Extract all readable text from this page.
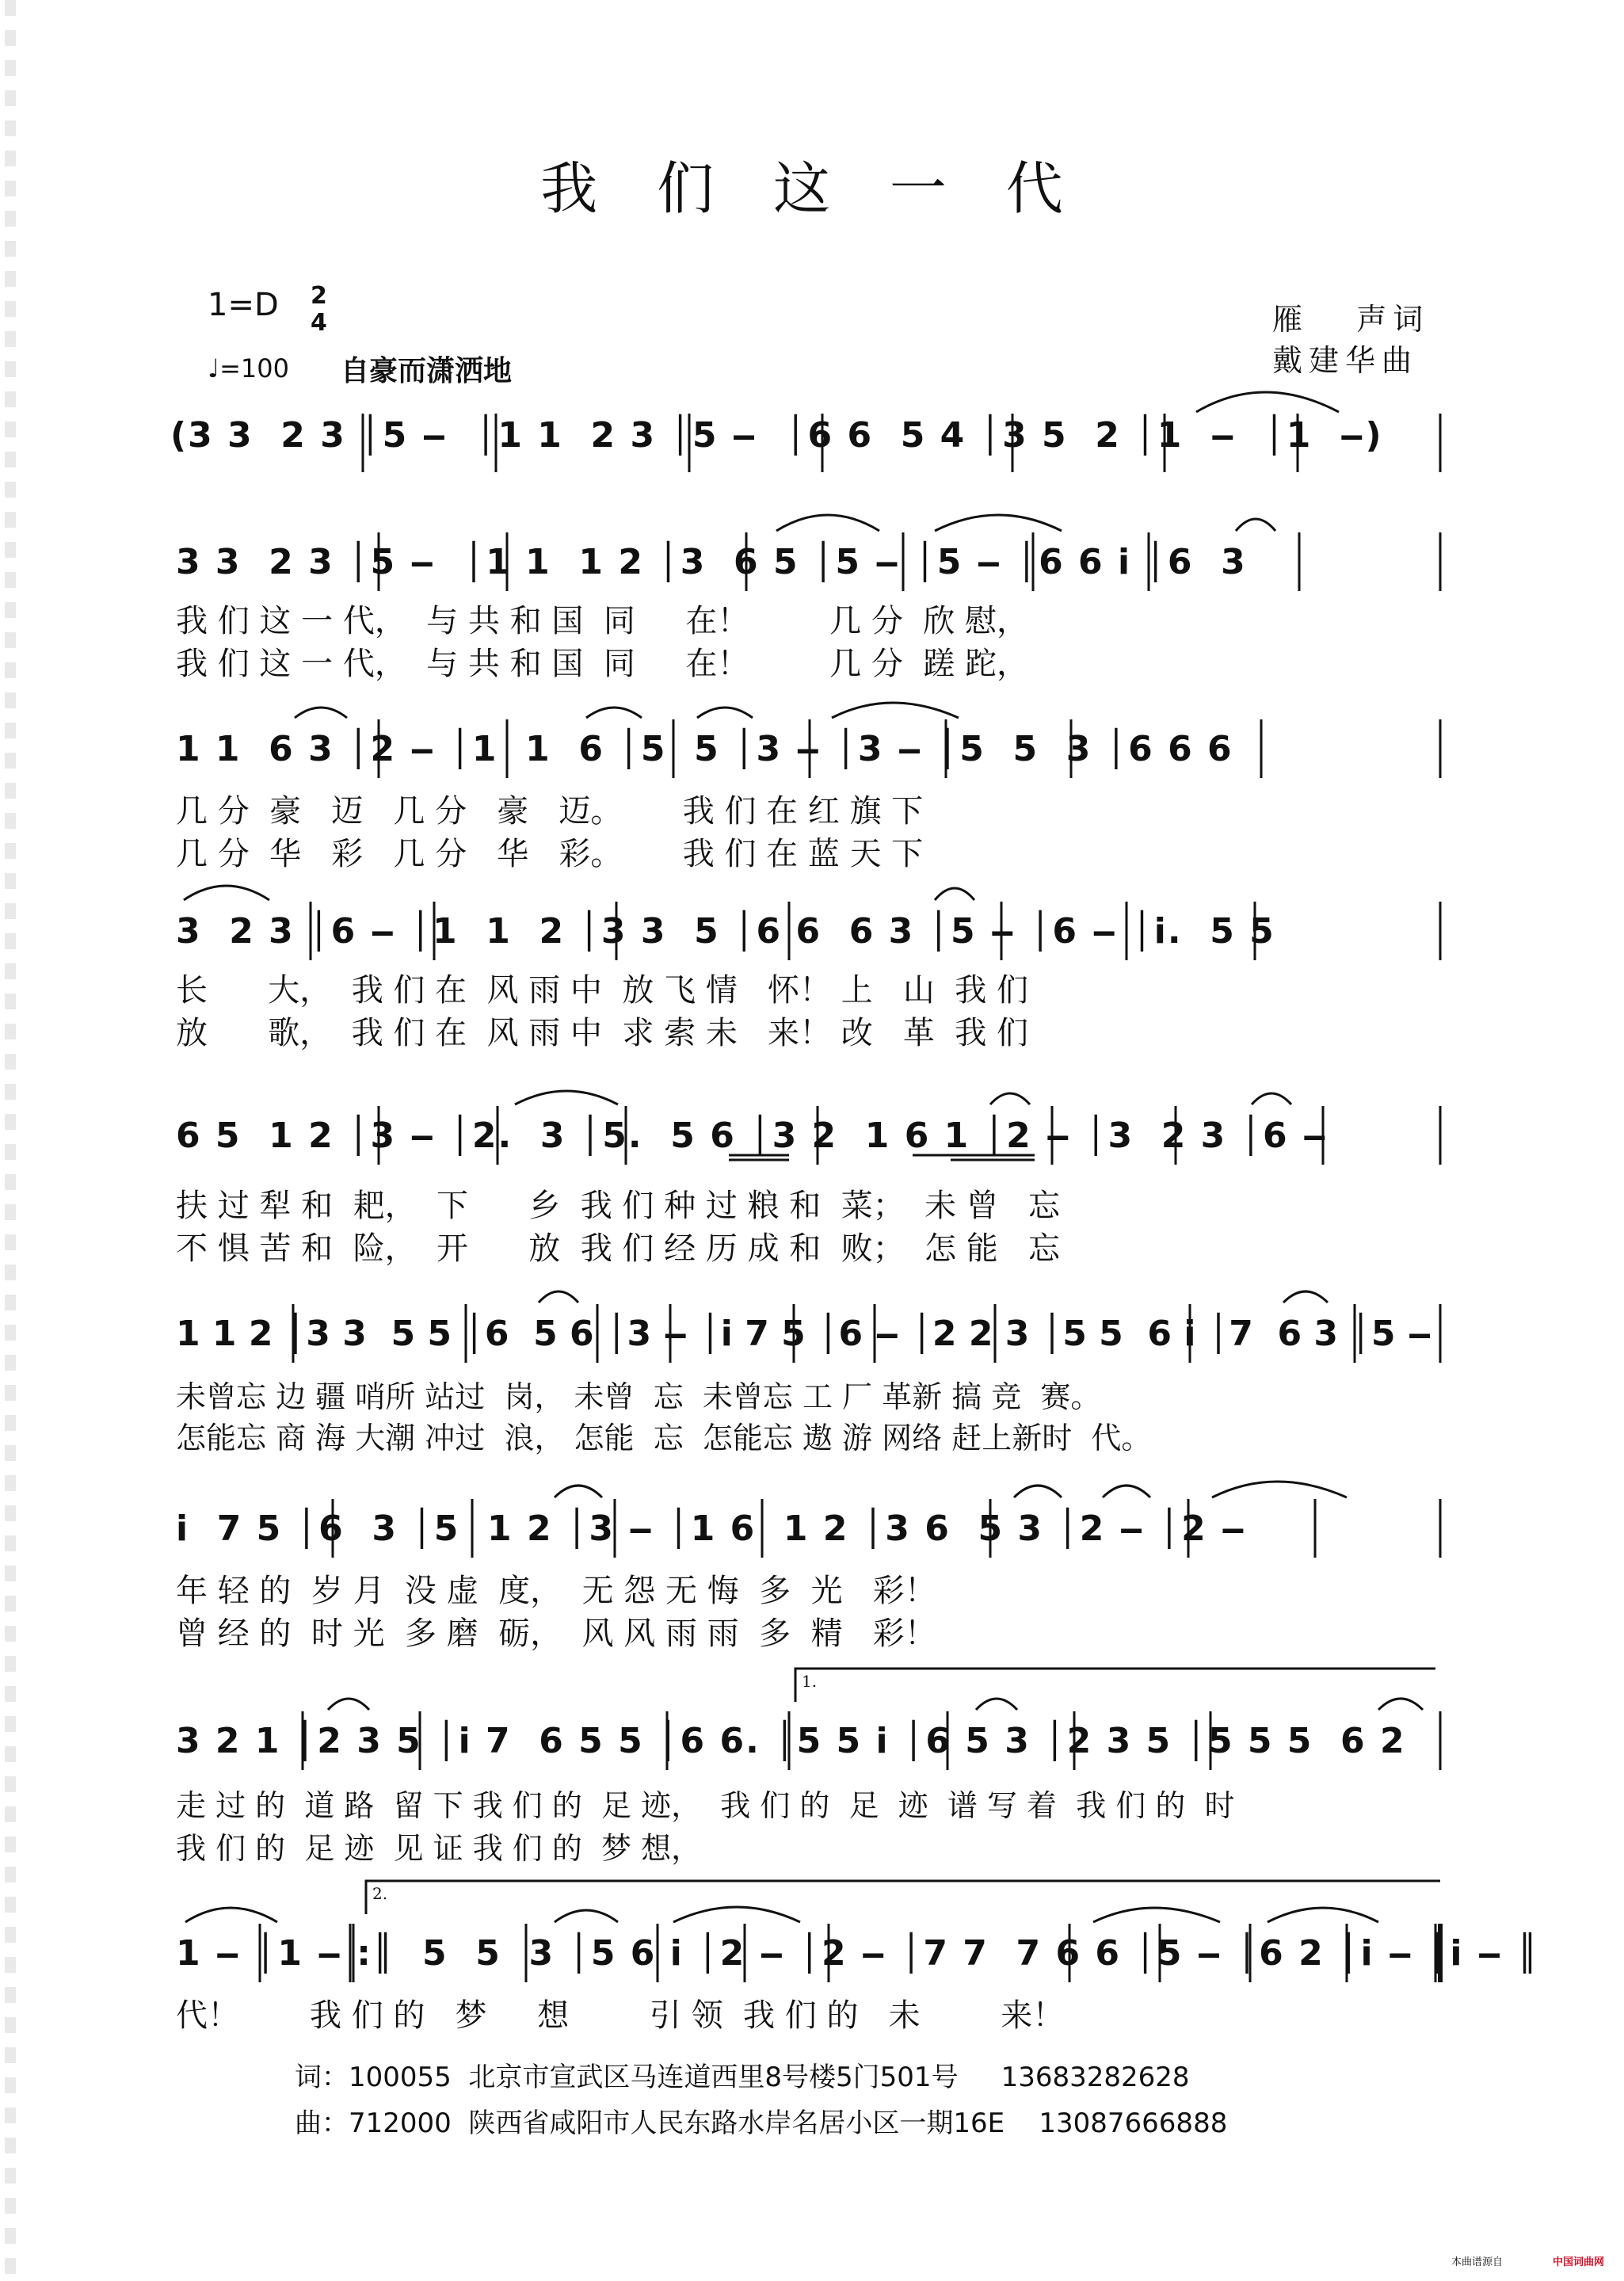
我 们 这 一 代
1=D 2
4
♩=100 自豪而潇洒地
雁   声词
戴建华曲
(3 3  2 3 │5 ‒  │1 1  2 3 │5 ‒  │6 6  5 4 │3 5  2 │1  ‒  │1  ‒)
3 3  2 3 │5 ‒  │1 1  1 2 │3  6 5 │5 ‒ │5 ‒ │6 6 i │6  3
我 们 这 一 代，  与 共 和 国  同     在！        几 分  欣 慰，
我 们 这 一 代，  与 共 和 国  同     在！        几 分  蹉 跎，
1 1  6 3 │2 ‒ │1  1  6 │5  5 │3 ‒ │3 ‒ │5  5  3 │6 6 6
几 分  豪   迈   几 分   豪   迈。      我 们 在 红 旗 下
几 分  华   彩   几 分   华   彩。      我 们 在 蓝 天 下
3  2 3 │6 ‒ │1  1  2 │3 3  5 │6 6  6 3 │5 ‒ │6 ‒ │i.  5 5
长      大，  我 们 在  风 雨 中  放 飞 情   怀！ 上   山  我 们
放      歌，  我 们 在  风 雨 中  求 索 未   来！ 改   革  我 们
6 5  1 2 │3 ‒ │2.  3 │5.  5 6 │3 2  1 6 1 │2 ‒ │3  2 3 │6 ‒
扶 过 犁 和  耙，  下      乡  我 们 种 过 粮 和  菜；  未 曾   忘
不 惧 苦 和  险，  开      放  我 们 经 历 成 和  败；  怎 能   忘
1 1 2 │3 3  5 5 │6  5 6 │3 ‒ │i 7 5 │6 ‒ │2 2 3 │5 5  6 i │7  6 3 │5 ‒
未曾忘 边 疆 哨所 站过  岗， 未曾  忘  未曾忘 工 厂 革新 搞 竞  赛。
怎能忘 商 海 大潮 冲过  浪， 怎能  忘  怎能忘 遨 游 网络 赶上新时  代。
i  7 5 │6  3 │5  1 2 │3 ‒ │1 6  1 2 │3 6  5 3 │2 ‒ │2 ‒
年 轻 的  岁 月  没 虚  度，  无 怨 无 悔  多  光   彩！
曾 经 的  时 光  多 磨  砺，  风 风 雨 雨  多  精   彩！
1.
3 2 1 │2 3 5 │i 7  6 5 5 │6 6. │5 5 i │6 5 3 │2 3 5 │5 5 5  6 2
走 过 的  道 路  留 下 我 们 的  足 迹，  我 们 的  足  迹  谱 写 着  我 们 的  时
我 们 的  足 迹  见 证 我 们 的  梦 想，
2.
1 ‒ │1 ‒ :║  5  5  3 │5 6 i │2 ‒ │2 ‒ │7 7  7 6 6 │5 ‒ │6 2 │i ‒ │i ‒ ║
代！       我 们 的   梦     想        引 领  我 们 的   未        来！
词：100055  北京市宣武区马连道西里8号楼5门501号     13683282628
曲：712000  陕西省咸阳市人民东路水岸名居小区一期16E    13087666888
本曲谱源自	中国词曲网
